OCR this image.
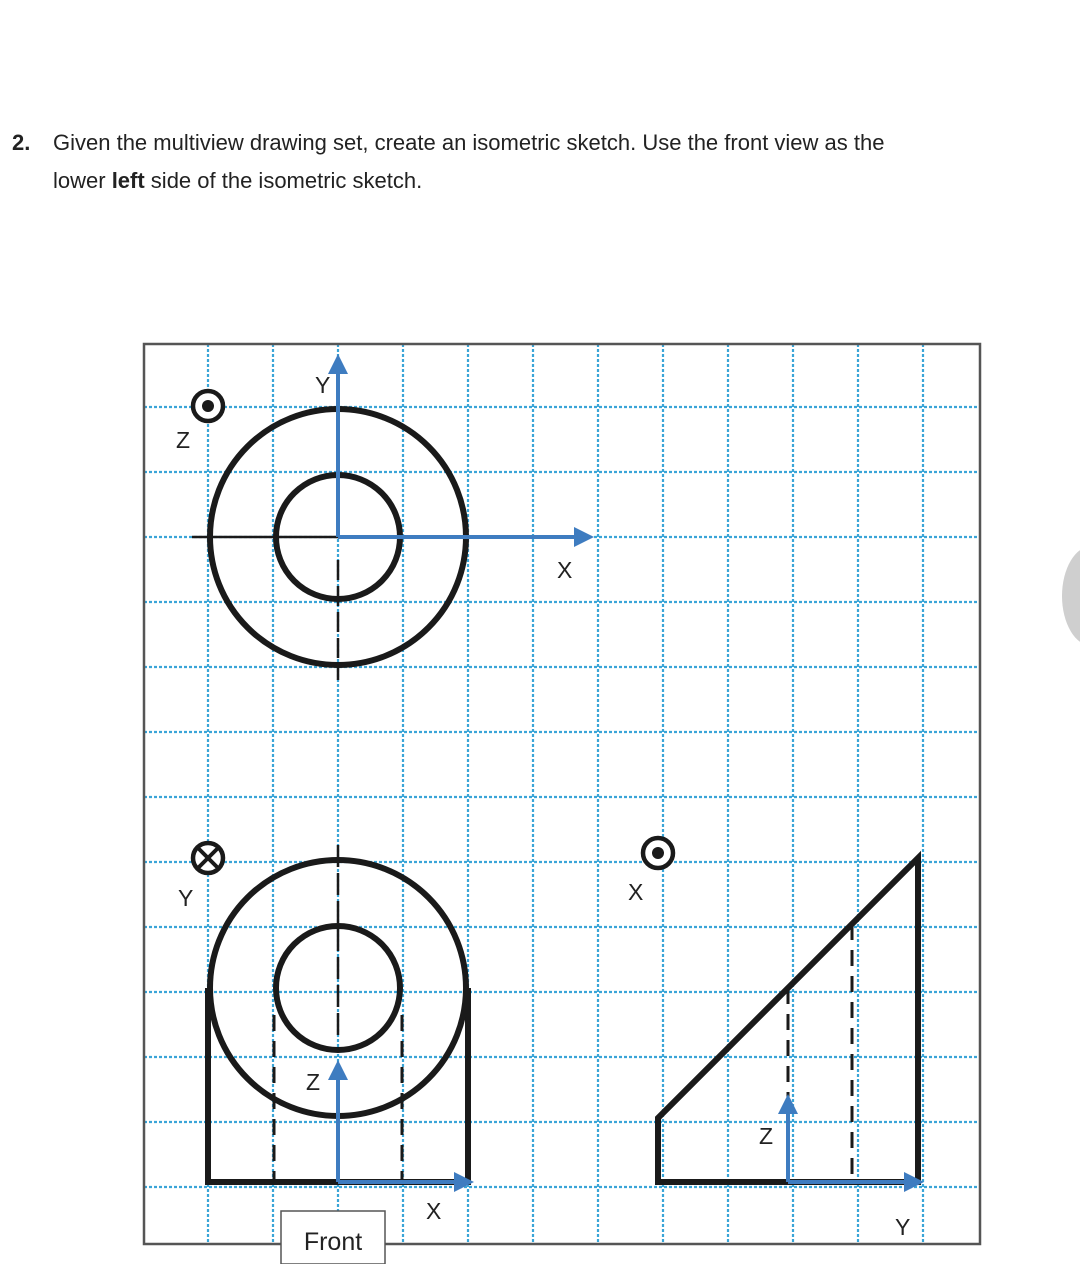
2. Given the multiview drawing set, create an isometric sketch. Use the front view as the
lower left side of the isometric sketch.
Y
X
Z
Z
X
Y
Front
Z
Y
X
